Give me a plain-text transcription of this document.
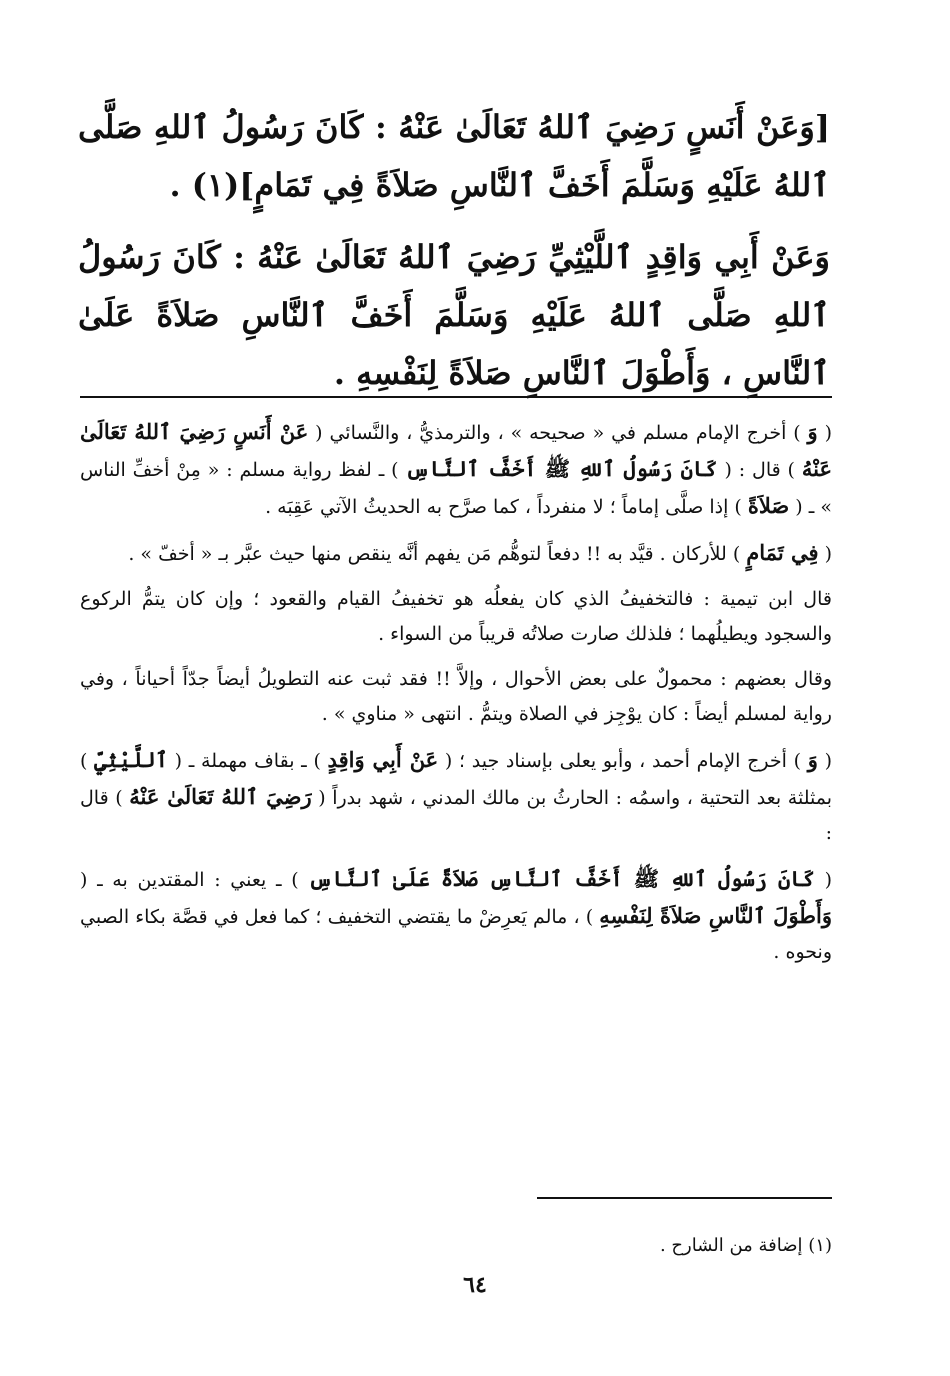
[وَعَنْ أَنَسٍ رَضِيَ ٱللهُ تَعَالَىٰ عَنْهُ : كَانَ رَسُولُ ٱللهِ صَلَّى ٱللهُ عَلَيْهِ وَسَلَّمَ أَخَفَّ ٱلنَّاسِ صَلاَةً فِي تَمَامٍ](١) .

وَعَنْ أَبِي وَاقِدٍ ٱللَّيْثِيِّ رَضِيَ ٱللهُ تَعَالَىٰ عَنْهُ : كَانَ رَسُولُ ٱللهِ صَلَّى ٱللهُ عَلَيْهِ وَسَلَّمَ أَخَفَّ ٱلنَّاسِ صَلاَةً عَلَىٰ ٱلنَّاسِ ، وَأَطْوَلَ ٱلنَّاسِ صَلاَةً لِنَفْسِهِ .

( وَ ) أخرج الإمام مسلم في « صحيحه » ، والترمذيُّ ، والنَّسائي ( عَنْ أَنَسٍ رَضِيَ ٱللهُ تَعَالَىٰ عَنْهُ ) قال : ( كَانَ رَسُولُ ٱللهِ ﷺ أَخَفَّ ٱلنَّاسِ ) ـ لفظ رواية مسلم : « مِنْ أخفِّ الناس » ـ ( صَلاَةً ) إذا صلَّى إماماً ؛ لا منفرداً ، كما صرَّح به الحديثُ الآتي عَقِبَه .

( فِي تَمَامٍ ) للأركان . قيَّد به !! دفعاً لتوهُّم مَن يفهم أنَّه ينقص منها حيث عبَّر بـ « أخفّ » .

قال ابن تيمية : فالتخفيفُ الذي كان يفعلُه هو تخفيفُ القيام والقعود ؛ وإن كان يتمُّ الركوع والسجود ويطيلُهما ؛ فلذلك صارت صلاتُه قريباً من السواء .

وقال بعضهم : محمولٌ على بعض الأحوال ، وإلاَّ !! فقد ثبت عنه التطويلُ أيضاً جدّاً أحياناً ، وفي رواية لمسلم أيضاً : كان يوْجِز في الصلاة ويتمُّ . انتهى « مناوي » .

( وَ ) أخرج الإمام أحمد ، وأبو يعلى بإسناد جيد ؛ ( عَنْ أَبِي وَاقِدٍ ) ـ بقاف مهملة ـ ( ٱللَّيْثِيِّ ) بمثلثة بعد التحتية ، واسمُه : الحارثُ بن مالك المدني ، شهد بدراً ( رَضِيَ ٱللهُ تَعَالَىٰ عَنْهُ ) قال :

( كَانَ رَسُولُ ٱللهِ ﷺ أَخَفَّ ٱلنَّاسِ صَلاَةً عَلَىٰ ٱلنَّاسِ ) ـ يعني : المقتدين به ـ ( وَأَطْوَلَ ٱلنَّاسِ صَلاَةً لِنَفْسِهِ ) ، مالم يَعرِضْ ما يقتضي التخفيف ؛ كما فعل في قصَّة بكاء الصبي ونحوه .

(١) إضافة من الشارح .
٦٤
